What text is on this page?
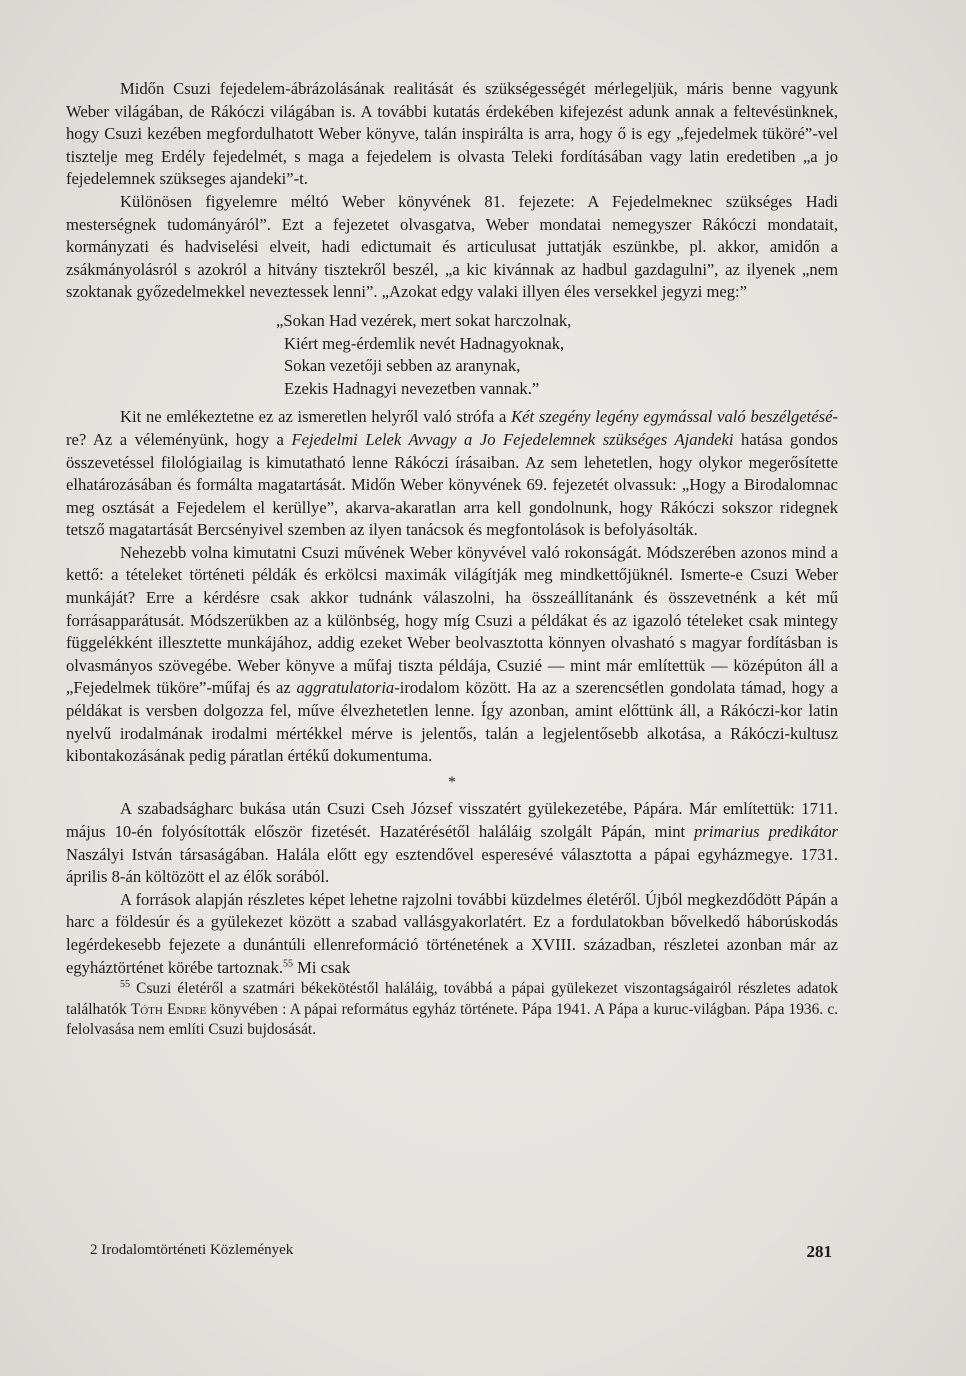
Midőn Csuzi fejedelem-ábrázolásának realitását és szükségességét mérlegeljük, máris benne vagyunk Weber világában, de Rákóczi világában is. A további kutatás érdekében kifejezést adunk annak a feltevésünknek, hogy Csuzi kezében megfordulhatott Weber könyve, talán inspirálta is arra, hogy ő is egy „fejedelmek tüköré”-vel tisztelje meg Erdély fejedelmét, s maga a fejedelem is olvasta Teleki fordításában vagy latin eredetiben „a jo fejedelemnek szükseges ajandeki”-t.

Különösen figyelemre méltó Weber könyvének 81. fejezete: A Fejedelmeknec szükséges Hadi mesterségnek tudományáról”. Ezt a fejezetet olvasgatva, Weber mondatai nemegyszer Rákóczi mondatait, kormányzati és hadviselési elveit, hadi edictumait és articulusat juttatják eszünkbe, pl. akkor, amidőn a zsákmányolásról s azokról a hitvány tisztekről beszél, „a kic kivánnak az hadbul gazdagulni”, az ilyenek „nem szoktanak győzedelmekkel neveztessek lenni”. „Azokat edgy valaki illyen éles versekkel jegyzi meg:”

„Sokan Had vezérek, mert sokat harczolnak,
Kiért meg-érdemlik nevét Hadnagyoknak,
Sokan vezetőji sebben az aranynak,
Ezekis Hadnagyi nevezetben vannak.”

Kit ne emlékeztetne ez az ismeretlen helyről való strófa a Két szegény legény egymással való beszélgetésé-re? Az a véleményünk, hogy a Fejedelmi Lelek Avvagy a Jo Fejedelemnek szükséges Ajandeki hatása gondos összevetéssel filológiailag is kimutatható lenne Rákóczi írásaiban. Az sem lehetetlen, hogy olykor megerősítette elhatározásában és formálta magatartását. Midőn Weber könyvének 69. fejezetét olvassuk: „Hogy a Birodalomnac meg osztását a Fejedelem el kerüllye”, akarva-akaratlan arra kell gondolnunk, hogy Rákóczi sokszor ridegnek tetsző magatartását Bercsényivel szemben az ilyen tanácsok és megfontolások is befolyásolták.

Nehezebb volna kimutatni Csuzi művének Weber könyvével való rokonságát. Módszerében azonos mind a kettő: a tételeket történeti példák és erkölcsi maximák világítják meg mindkettőjüknél. Ismerte-e Csuzi Weber munkáját? Erre a kérdésre csak akkor tudnánk válaszolni, ha összeállítanánk és összevetnénk a két mű forrásapparátusát. Módszerükben az a különbség, hogy míg Csuzi a példákat és az igazoló tételeket csak mintegy függelékként illesztette munkájához, addig ezeket Weber beolvasztotta könnyen olvasható s magyar fordításban is olvasmányos szövegébe. Weber könyve a műfaj tiszta példája, Csuzié — mint már említettük — középúton áll a „Fejedelmek tüköre”-műfaj és az aggratulatoria-irodalom között. Ha az a szerencsétlen gondolata támad, hogy a példákat is versben dolgozza fel, műve élvezhetetlen lenne. Így azonban, amint előttünk áll, a Rákóczi-kor latin nyelvű irodalmának irodalmi mértékkel mérve is jelentős, talán a legjelentősebb alkotása, a Rákóczi-kultusz kibontakozásának pedig páratlan értékű dokumentuma.

*

A szabadságharc bukása után Csuzi Cseh József visszatért gyülekezetébe, Pápára. Már említettük: 1711. május 10-én folyósították először fizetését. Hazatérésétől haláláig szolgált Pápán, mint primarius predikátor Naszályi István társaságában. Halála előtt egy esztendővel esperesévé választotta a pápai egyházmegye. 1731. április 8-án költözött el az élők sorából.

A források alapján részletes képet lehetne rajzolni további küzdelmes életéről. Újból megkezdődött Pápán a harc a földesúr és a gyülekezet között a szabad vallásgyakorlatért. Ez a fordulatokban bővelkedő háborúskodás legérdekesebb fejezete a dunántúli ellenreformáció történetének a XVIII. században, részletei azonban már az egyháztörténet körébe tartoznak.$^{55}$ Mi csak

$^{55}$ Csuzi életéről a szatmári békekötéstől haláláig, továbbá a pápai gyülekezet viszontagságairól részletes adatok találhatók Tóth Endre könyvében : A pápai református egyház története. Pápa 1941. A Pápa a kuruc-világban. Pápa 1936. c. felolvasása nem említi Csuzi bujdosását.

2 Irodalomtörténeti Közlemények	281
